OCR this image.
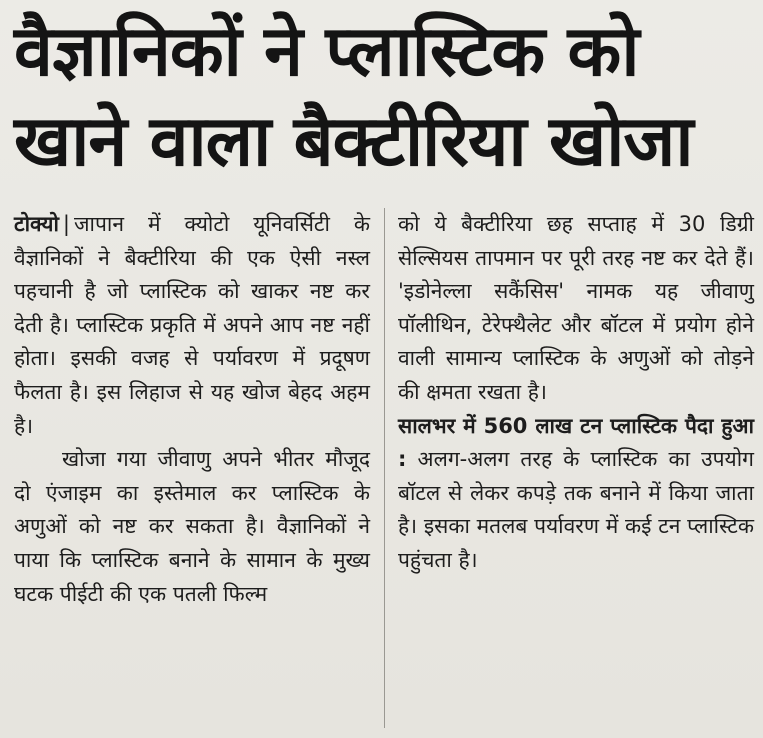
वैज्ञानिकों ने प्लास्टिक को
खाने वाला बैक्टीरिया खोजा

टोक्यो | जापान में क्योटो यूनिवर्सिटी के वैज्ञानिकों ने बैक्टीरिया की एक ऐसी नस्ल पहचानी है जो प्लास्टिक को खाकर नष्ट कर देती है। प्लास्टिक प्रकृति में अपने आप नष्ट नहीं होता। इसकी वजह से पर्यावरण में प्रदूषण फैलता है। इस लिहाज से यह खोज बेहद अहम है।

खोजा गया जीवाणु अपने भीतर मौजूद दो एंजाइम का इस्तेमाल कर प्लास्टिक के अणुओं को नष्ट कर सकता है। वैज्ञानिकों ने पाया कि प्लास्टिक बनाने के सामान के मुख्य घटक पीईटी की एक पतली फिल्म

को ये बैक्टीरिया छह सप्ताह में 30 डिग्री सेल्सियस तापमान पर पूरी तरह नष्ट कर देते हैं। 'इडोनेल्ला सकैंसिस' नामक यह जीवाणु पॉलीथिन, टेरेफ्थैलेट और बॉटल में प्रयोग होने वाली सामान्य प्लास्टिक के अणुओं को तोड़ने की क्षमता रखता है।

सालभर में 560 लाख टन प्लास्टिक पैदा हुआ : अलग-अलग तरह के प्लास्टिक का उपयोग बॉटल से लेकर कपड़े तक बनाने में किया जाता है। इसका मतलब पर्यावरण में कई टन प्लास्टिक पहुंचता है।
